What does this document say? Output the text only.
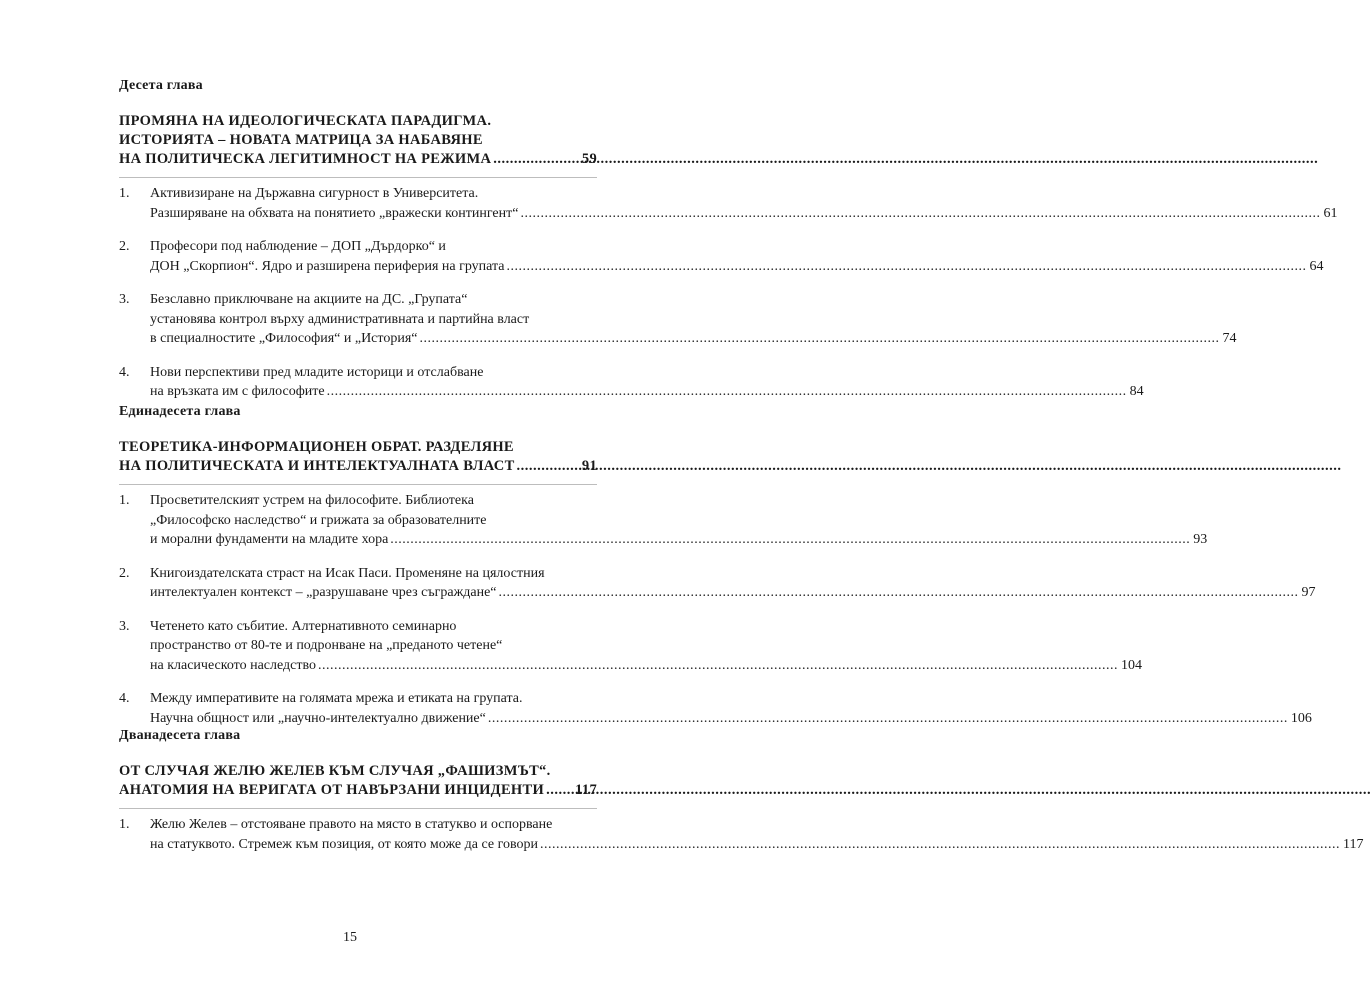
Десета глава
ПРОМЯНА НА ИДЕОЛОГИЧЕСКАТА ПАРАДИГМА.
ИСТОРИЯТА – НОВАТА МАТРИЦА ЗА НАБАВЯНЕ
НА ПОЛИТИЧЕСКА ЛЕГИТИМНОСТ НА РЕЖИМА .....	59
1.	Активизиране на Държавна сигурност в Университета.
Разширяване на обхвата на понятието „вражески контингент“ .....	61
2.	Професори под наблюдение – ДОП „Дърдорко“ и
ДОН „Скорпион“. Ядро и разширена периферия на групата .....	64
3.	Безславно приключване на акциите на ДС. „Групата“
установява контрол върху административната и партийна власт
в специалностите „Философия“ и „История“ .....	74
4.	Нови перспективи пред младите историци и отслабване
на връзката им с философите .....	84
Единадесета глава
ТЕОРЕТИКА-ИНФОРМАЦИОНЕН ОБРАТ. РАЗДЕЛЯНЕ
НА ПОЛИТИЧЕСКАТА И ИНТЕЛЕКТУАЛНАТА ВЛАСТ .....	91
1.	Просветителският устрем на философите. Библиотека
„Философско наследство“ и грижата за образователните
и морални фундаменти на младите хора .....	93
2.	Книгоиздателската страст на Исак Паси. Променяне на цялостния
интелектуален контекст – „разрушаване чрез съграждане“ .....	97
3.	Четенето като събитие. Алтернативното семинарно
пространство от 80-те и подронване на „преданото четене“
на класическото наследство .....	104
4.	Между императивите на голямата мрежа и етиката на групата.
Научна общност или „научно-интелектуално движение“ .....	106
Дванадесета глава
ОТ СЛУЧАЯ ЖЕЛЮ ЖЕЛЕВ КЪМ СЛУЧАЯ „ФАШИЗМЪТ“.
АНАТОМИЯ НА ВЕРИГАТА ОТ НАВЪРЗАНИ ИНЦИДЕНТИ ..... 117
1.	Желю Желев – отстояване правото на място в статукво и оспорване
на статуквото. Стремеж към позиция, от която може да се говори .....	117
15
